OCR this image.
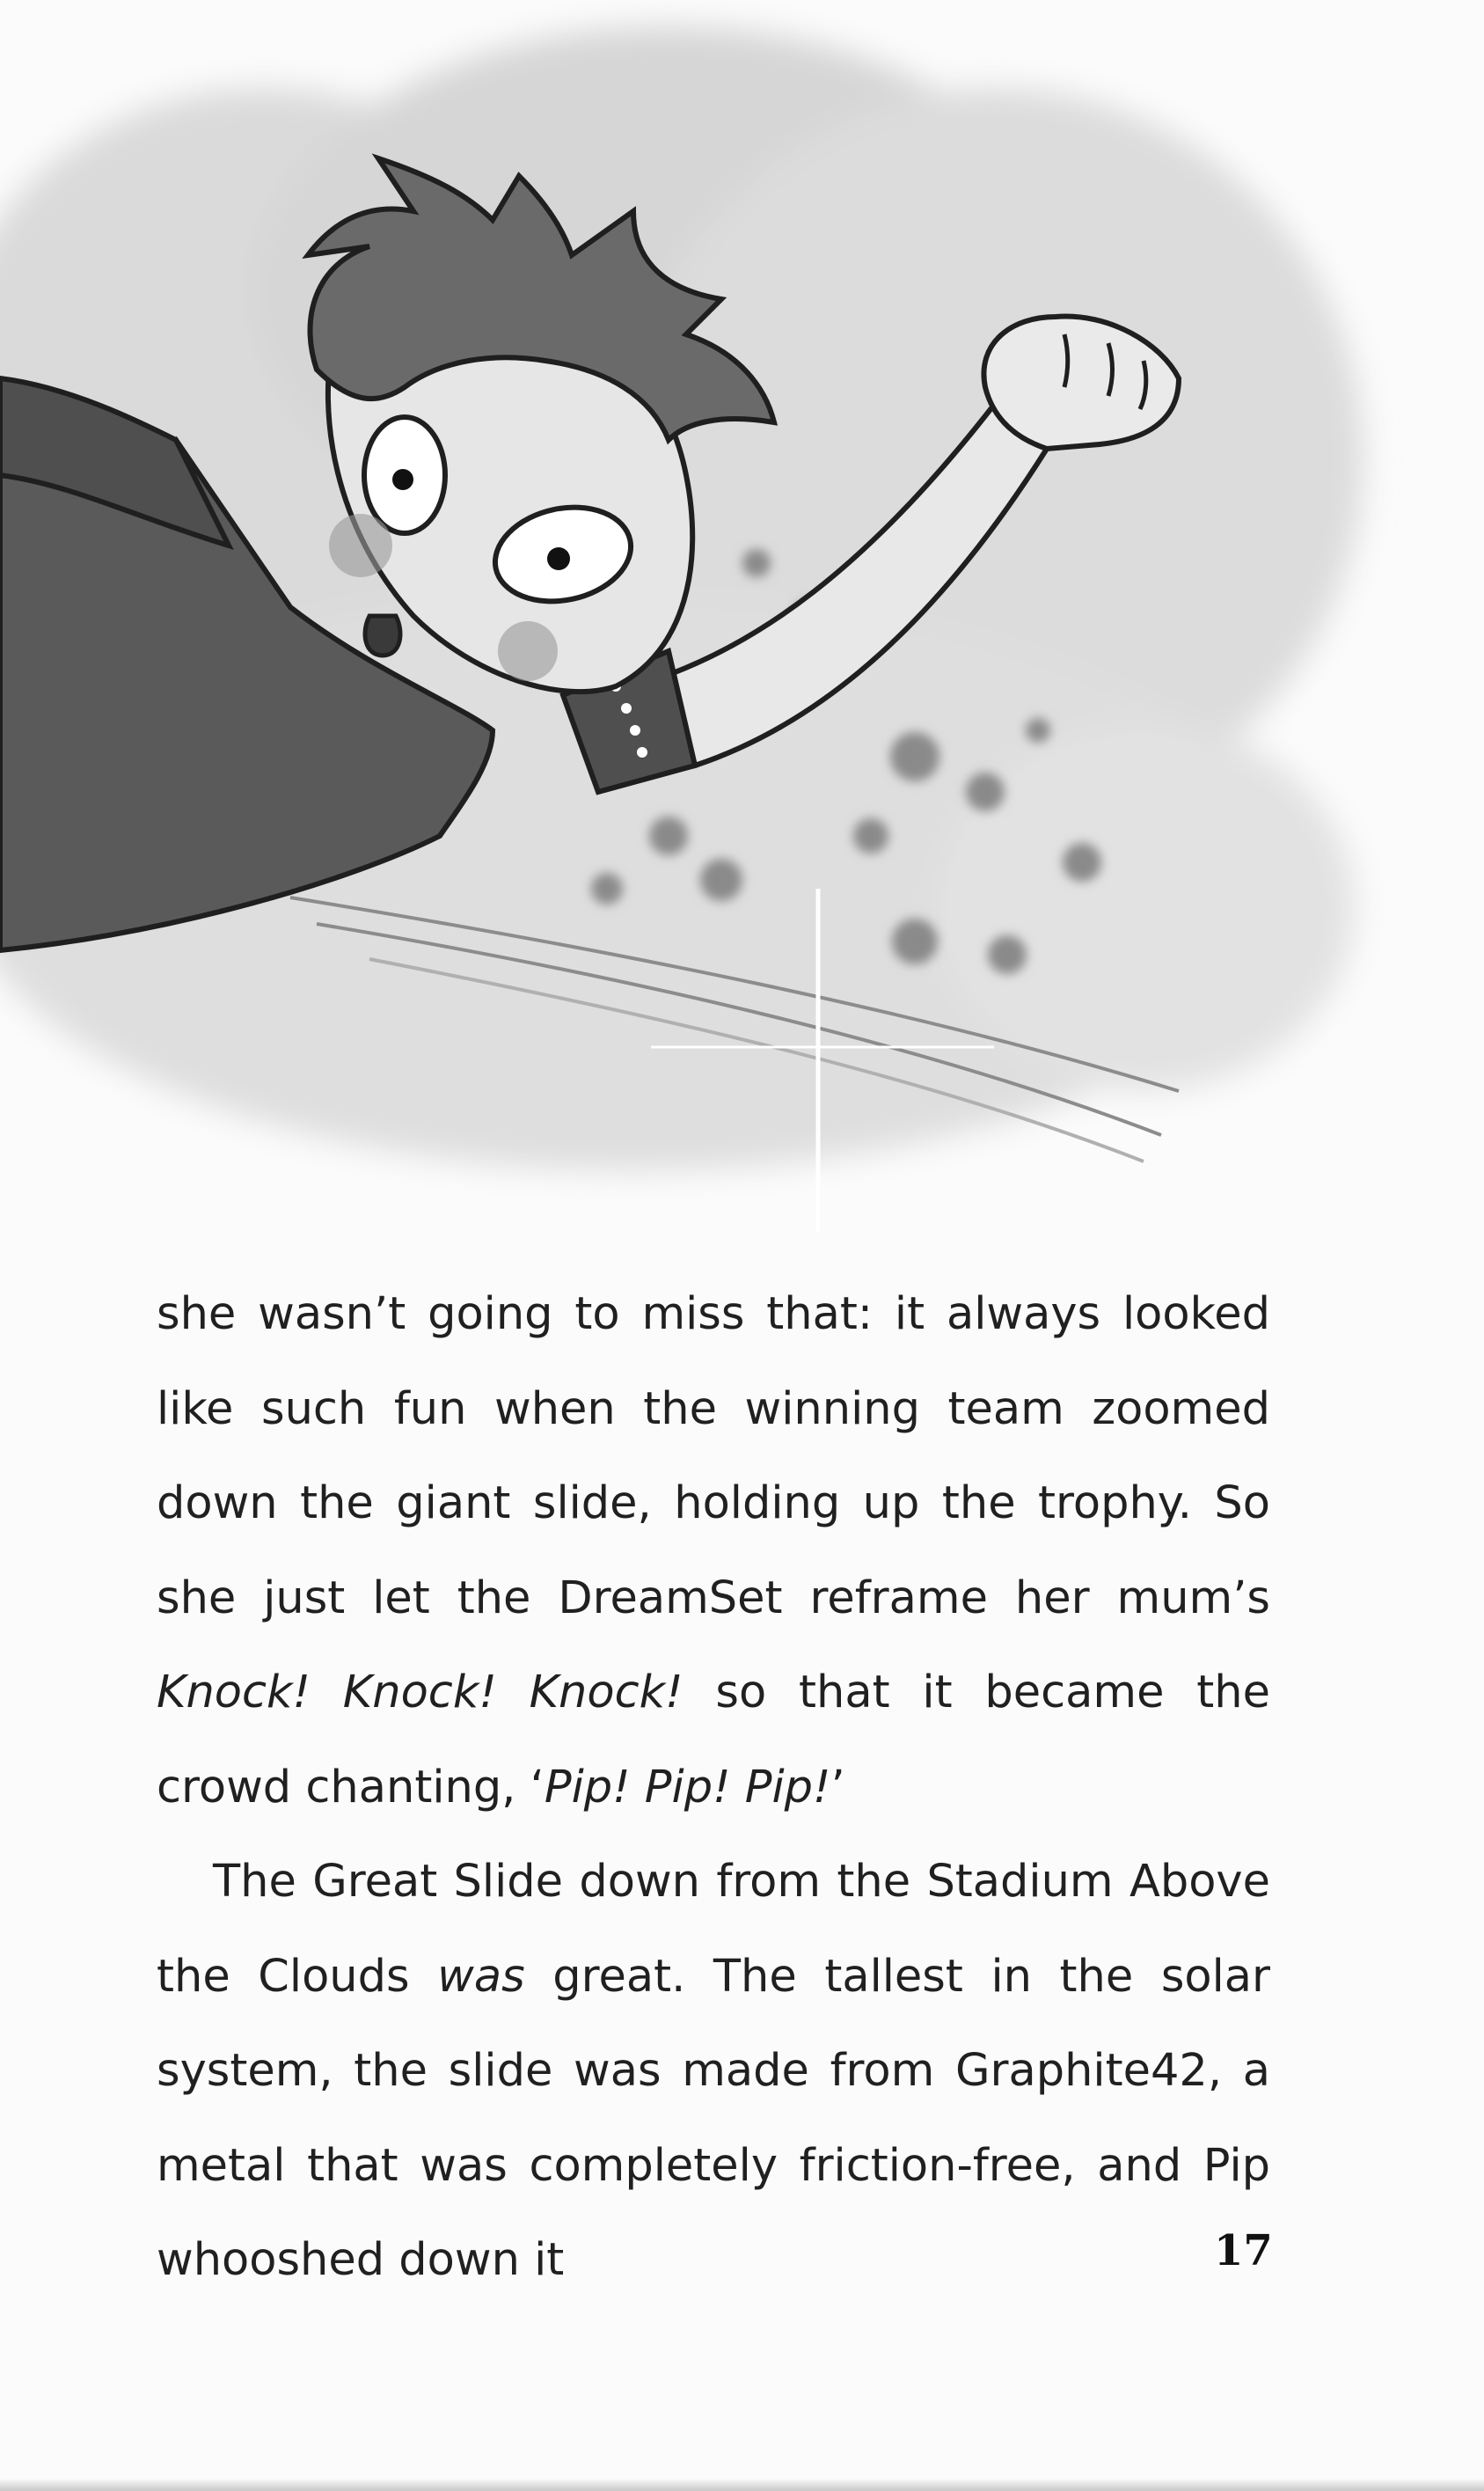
she wasn’t going to miss that: it always looked like such fun when the winning team zoomed down the giant slide, holding up the trophy. So she just let the DreamSet reframe her mum’s Knock! Knock! Knock! so that it became the crowd chanting, ‘Pip! Pip! Pip!’

The Great Slide down from the Stadium Above the Clouds was great. The tallest in the solar system, the slide was made from Graphite42, a metal that was completely friction-free, and Pip whooshed down it	17
